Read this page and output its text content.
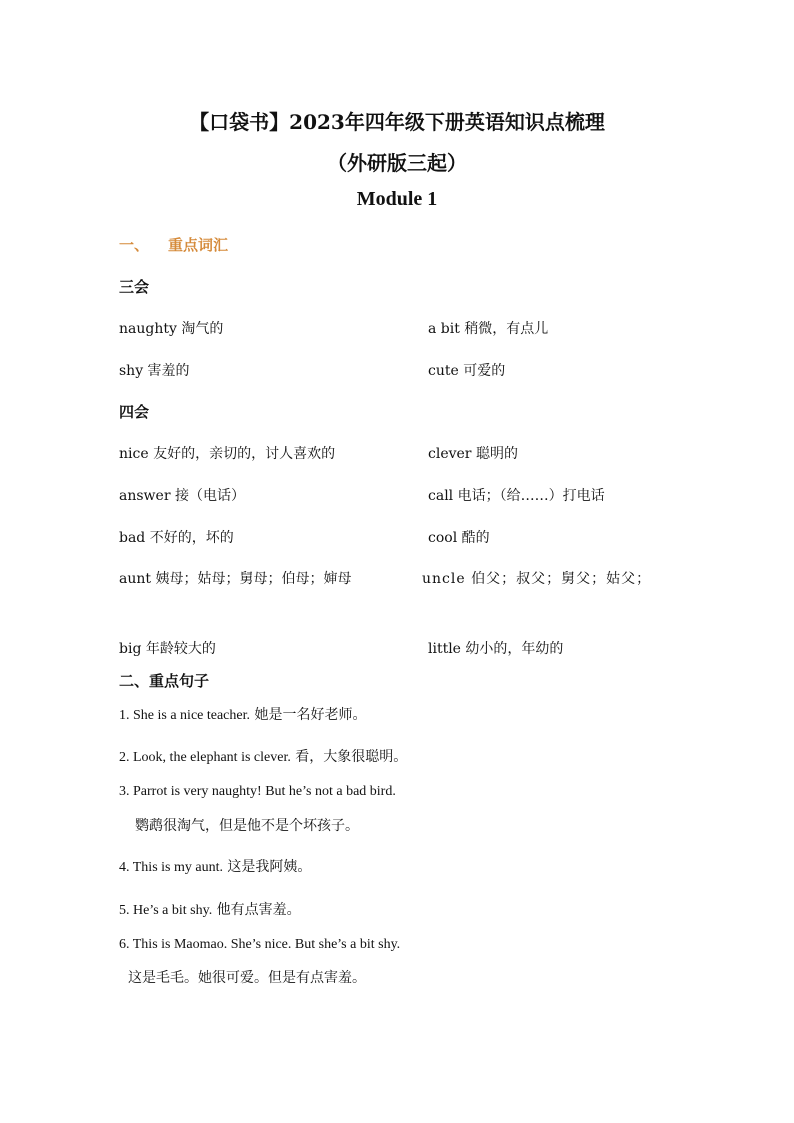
【口袋书】2023年四年级下册英语知识点梳理
（外研版三起）
Module 1
一、 重点词汇
三会
naughty 淘气的	a bit 稍微，有点儿
shy 害羞的	cute 可爱的
四会
nice 友好的，亲切的，讨人喜欢的	clever 聪明的
answer 接（电话）	call 电话；（给……）打电话
bad 不好的，坏的	cool 酷的
aunt 姨母；姑母；舅母；伯母；婶母	uncle 伯父；叔父；舅父；姑父；
big 年龄较大的	little 幼小的，年幼的
二、重点句子
1. She is a nice teacher. 她是一名好老师。
2. Look, the elephant is clever. 看，大象很聪明。
3. Parrot is very naughty! But he’s not a bad bird.
鹦鹉很淘气，但是他不是个坏孩子。
4. This is my aunt. 这是我阿姨。
5. He’s a bit shy. 他有点害羞。
6. This is Maomao. She’s nice. But she’s a bit shy.
这是毛毛。她很可爱。但是有点害羞。
